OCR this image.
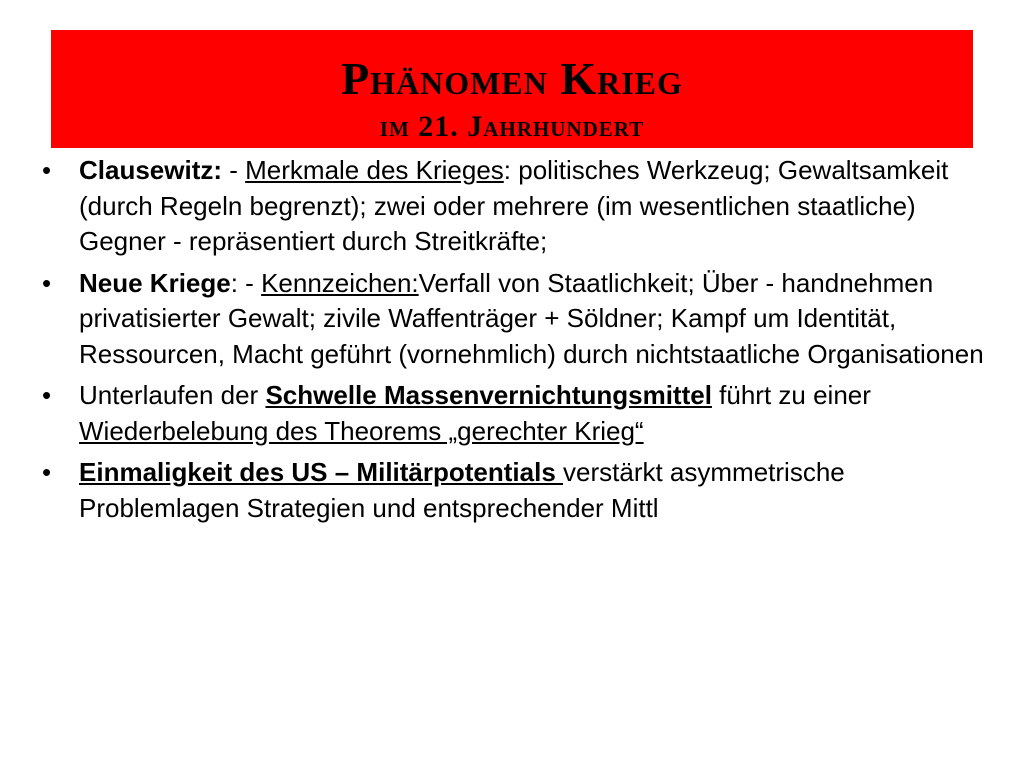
Phänomen Krieg
im 21. Jahrhundert
• Clausewitz: - Merkmale des Krieges: politisches Werkzeug; Gewaltsamkeit (durch Regeln begrenzt); zwei oder mehrere (im wesentlichen staatliche) Gegner - repräsentiert durch Streitkräfte;
• Neue Kriege: - Kennzeichen:Verfall von Staatlichkeit; Über - handnehmen privatisierter Gewalt; zivile Waffenträger + Söldner; Kampf um Identität, Ressourcen, Macht geführt (vornehmlich) durch nichtstaatliche Organisationen
• Unterlaufen der Schwelle Massenvernichtungsmittel führt zu einer Wiederbelebung des Theorems „gerechter Krieg“
• Einmaligkeit des US – Militärpotentials verstärkt asymmetrische Problemlagen Strategien und entsprechender Mittl
